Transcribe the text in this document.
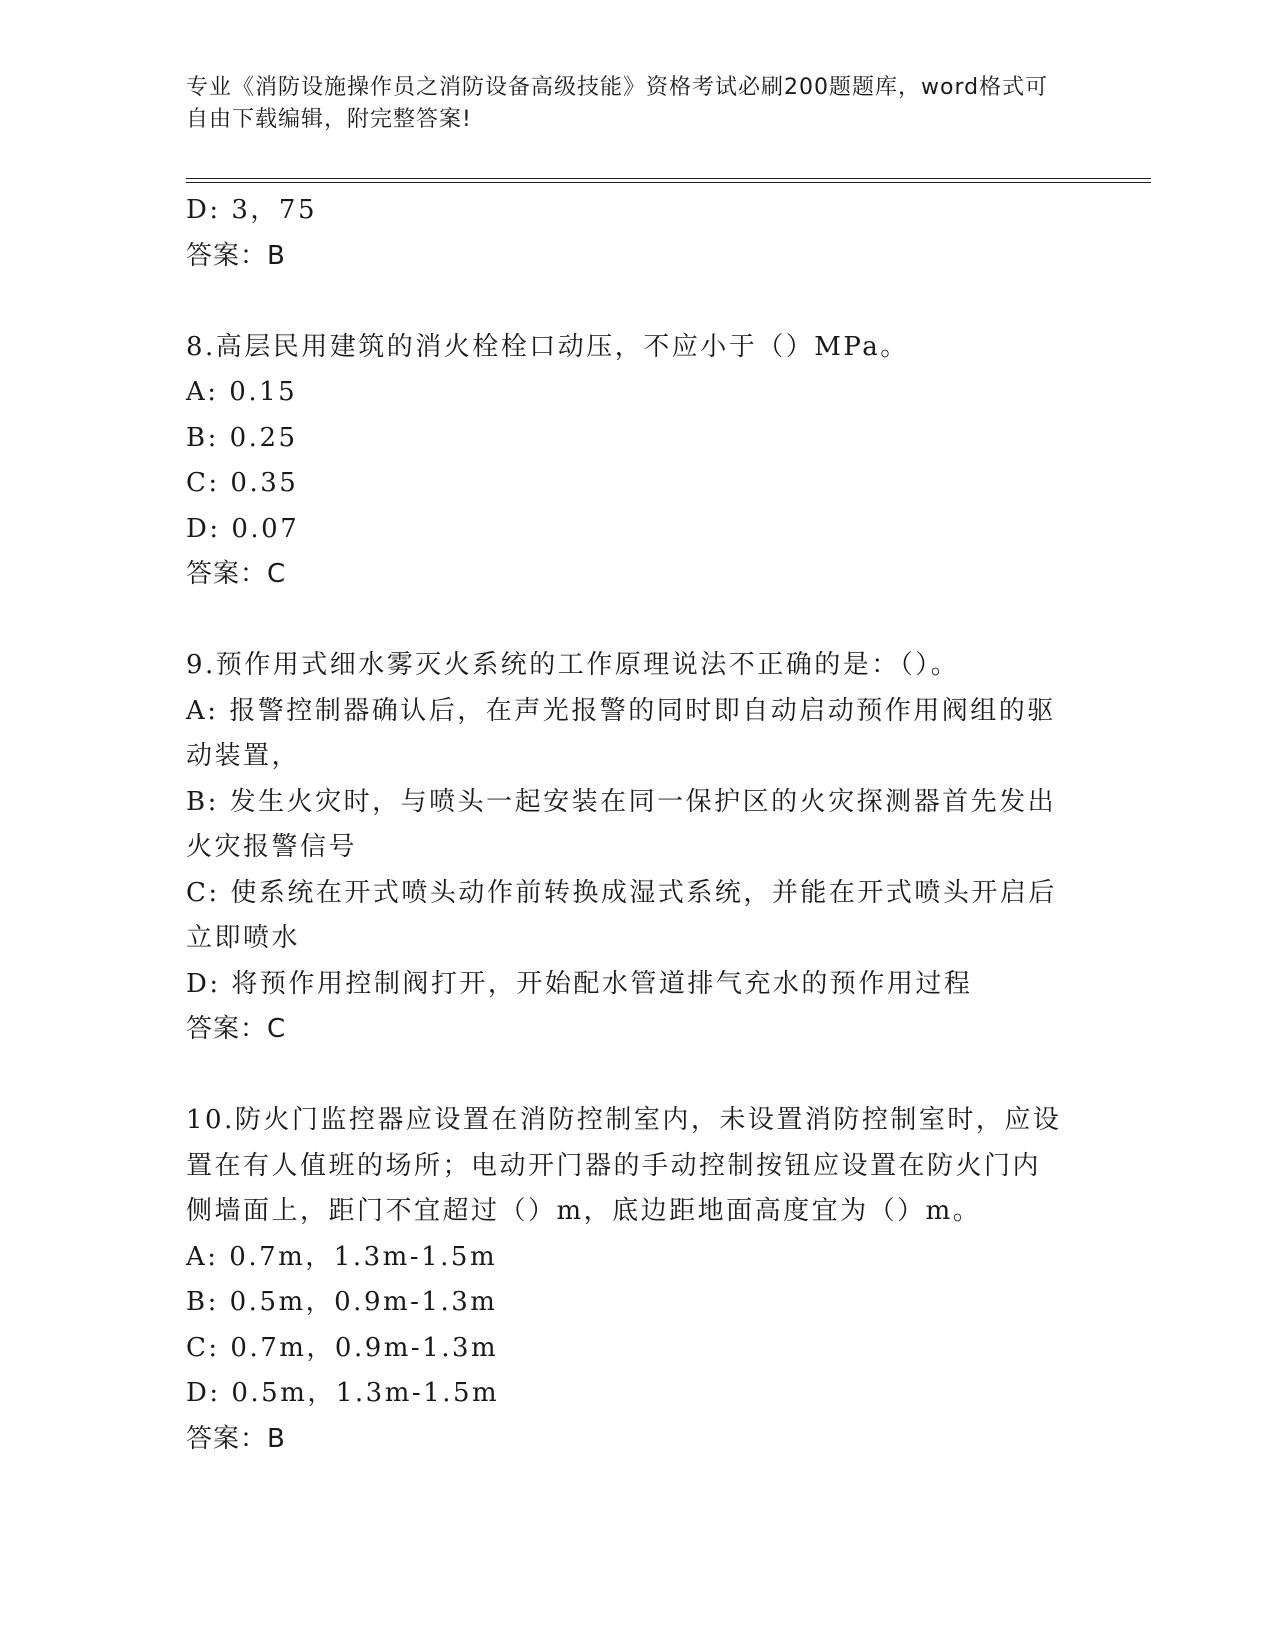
专业《消防设施操作员之消防设备高级技能》资格考试必刷200题题库，word格式可自由下载编辑，附完整答案!
D: 3，75
答案：B
8.高层民用建筑的消火栓栓口动压，不应小于（）MPa。
A: 0.15
B: 0.25
C: 0.35
D: 0.07
答案：C
9.预作用式细水雾灭火系统的工作原理说法不正确的是：（）。
A: 报警控制器确认后，在声光报警的同时即自动启动预作用阀组的驱动装置，
B: 发生火灾时，与喷头一起安装在同一保护区的火灾探测器首先发出火灾报警信号
C: 使系统在开式喷头动作前转换成湿式系统，并能在开式喷头开启后立即喷水
D: 将预作用控制阀打开，开始配水管道排气充水的预作用过程
答案：C
10.防火门监控器应设置在消防控制室内，未设置消防控制室时，应设置在有人值班的场所；电动开门器的手动控制按钮应设置在防火门内侧墙面上，距门不宜超过（）m，底边距地面高度宜为（）m。
A: 0.7m，1.3m-1.5m
B: 0.5m，0.9m-1.3m
C: 0.7m，0.9m-1.3m
D: 0.5m，1.3m-1.5m
答案：B
